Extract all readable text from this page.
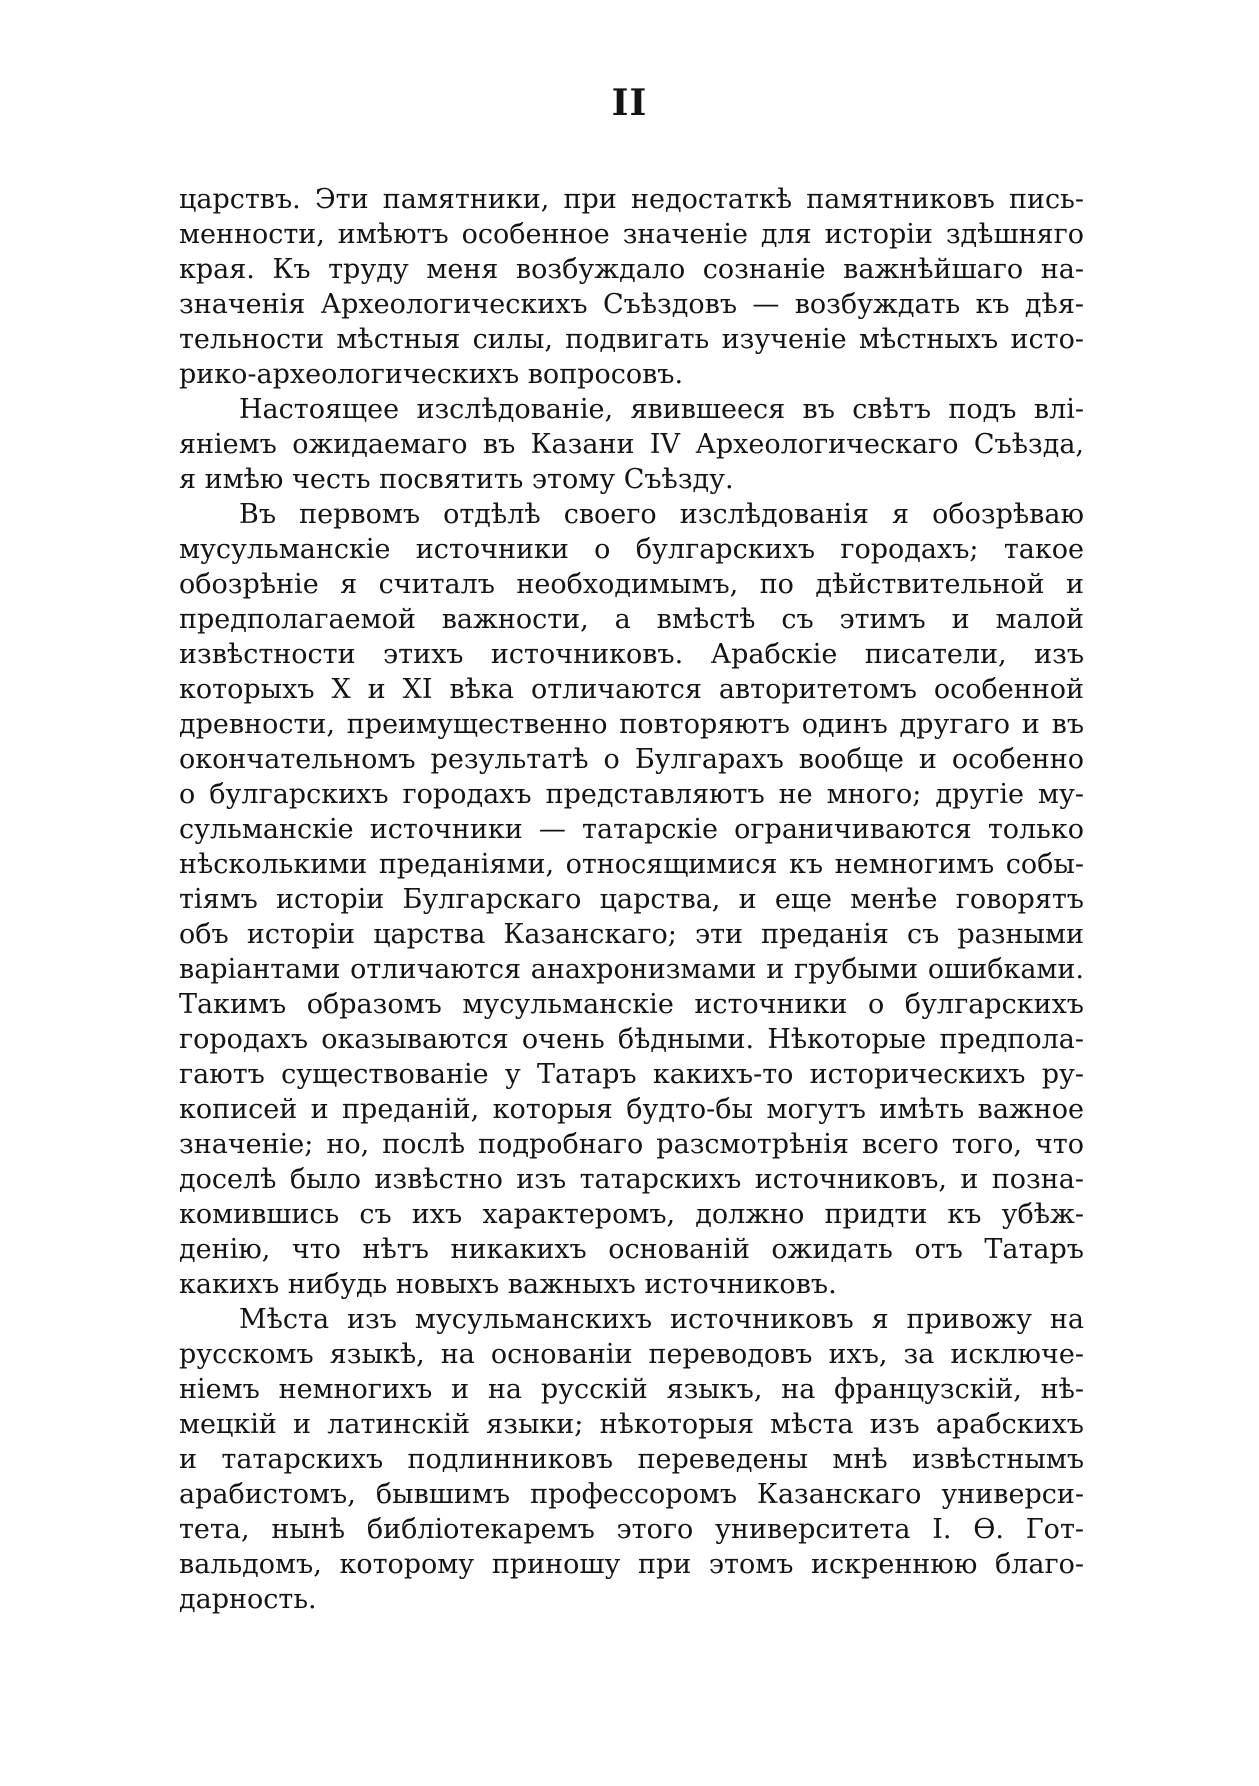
II
царствъ. Эти памятники, при недостаткѣ памятниковъ пись-
менности, имѣютъ особенное значеніе для исторіи здѣшняго
края. Къ труду меня возбуждало сознаніе важнѣйшаго на-
значенія Археологическихъ Съѣздовъ — возбуждать къ дѣя-
тельности мѣстныя силы, подвигать изученіе мѣстныхъ исто-
рико-археологическихъ вопросовъ.
Настоящее изслѣдованіе, явившееся въ свѣтъ подъ влі-
яніемъ ожидаемаго въ Казани IV Археологическаго Съѣзда,
я имѣю честь посвятить этому Съѣзду.
Въ первомъ отдѣлѣ своего изслѣдованія я обозрѣваю
мусульманскіе источники о булгарскихъ городахъ; такое
обозрѣніе я считалъ необходимымъ, по дѣйствительной и
предполагаемой важности, а вмѣстѣ съ этимъ и малой
извѣстности этихъ источниковъ. Арабскіе писатели, изъ
которыхъ X и XI вѣка отличаются авторитетомъ особенной
древности, преимущественно повторяютъ одинъ другаго и въ
окончательномъ результатѣ о Булгарахъ вообще и особенно
о булгарскихъ городахъ представляютъ не много; другіе му-
сульманскіе источники — татарскіе ограничиваются только
нѣсколькими преданіями, относящимися къ немногимъ собы-
тіямъ исторіи Булгарскаго царства, и еще менѣе говорятъ
объ исторіи царства Казанскаго; эти преданія съ разными
варіантами отличаются анахронизмами и грубыми ошибками.
Такимъ образомъ мусульманскіе источники о булгарскихъ
городахъ оказываются очень бѣдными. Нѣкоторые предпола-
гаютъ существованіе у Татаръ какихъ-то историческихъ ру-
кописей и преданій, которыя будто-бы могутъ имѣть важное
значеніе; но, послѣ подробнаго разсмотрѣнія всего того, что
доселѣ было извѣстно изъ татарскихъ источниковъ, и позна-
комившись съ ихъ характеромъ, должно придти къ убѣж-
денію, что нѣтъ никакихъ основаній ожидать отъ Татаръ
какихъ нибудь новыхъ важныхъ источниковъ.
Мѣста изъ мусульманскихъ источниковъ я привожу на
русскомъ языкѣ, на основаніи переводовъ ихъ, за исключе-
ніемъ немногихъ и на русскій языкъ, на французскій, нѣ-
мецкій и латинскій языки; нѣкоторыя мѣста изъ арабскихъ
и татарскихъ подлинниковъ переведены мнѣ извѣстнымъ
арабистомъ, бывшимъ профессоромъ Казанскаго универси-
тета, нынѣ библіотекаремъ этого университета І. Ѳ. Гот-
вальдомъ, которому приношу при этомъ искреннюю благо-
дарность.
